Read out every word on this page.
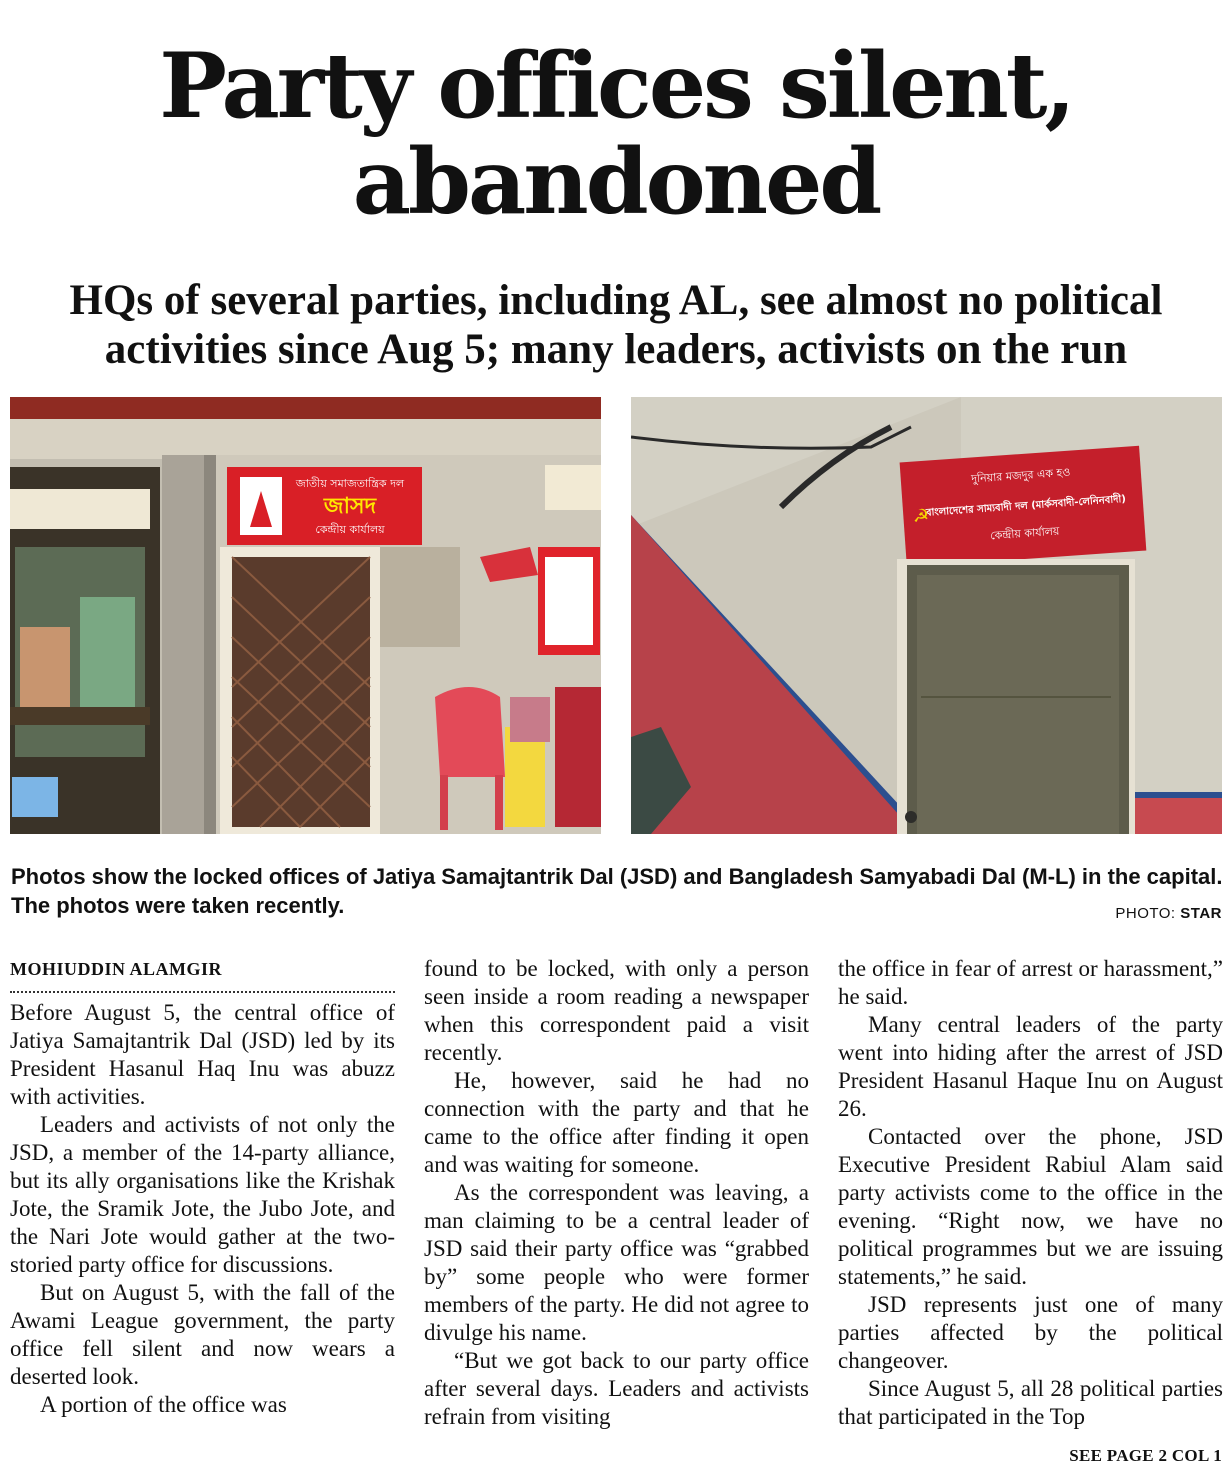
Party offices silent,
abandoned
HQs of several parties, including AL, see almost no political
activities since Aug 5; many leaders, activists on the run
জাতীয় সমাজতান্ত্রিক দল
জাসদ
কেন্দ্রীয় কার্যালয়
দুনিয়ার মজদুর এক হও
বাংলাদেশের সাম্যবাদী দল (মার্কসবাদী-লেনিনবাদী)
কেন্দ্রীয় কার্যালয়
☭
Photos show the locked offices of Jatiya Samajtantrik Dal (JSD) and Bangladesh Samyabadi Dal (M-L) in the capital. The photos were taken recently.	PHOTO: STAR
MOHIUDDIN ALAMGIR

Before August 5, the central office of Jatiya Samajtantrik Dal (JSD) led by its President Hasanul Haq Inu was abuzz with activities.

Leaders and activists of not only the JSD, a member of the 14-party alliance, but its ally organisations like the Krishak Jote, the Sramik Jote, the Jubo Jote, and the Nari Jote would gather at the two-storied party office for discussions.

But on August 5, with the fall of the Awami League government, the party office fell silent and now wears a deserted look.

A portion of the office was

found to be locked, with only a person seen inside a room reading a newspaper when this correspondent paid a visit recently.

He, however, said he had no connection with the party and that he came to the office after finding it open and was waiting for someone.

As the correspondent was leaving, a man claiming to be a central leader of JSD said their party office was “grabbed by” some people who were former members of the party. He did not agree to divulge his name.

“But we got back to our party office after several days. Leaders and activists refrain from visiting

the office in fear of arrest or harassment,” he said.

Many central leaders of the party went into hiding after the arrest of JSD President Hasanul Haque Inu on August 26.

Contacted over the phone, JSD Executive President Rabiul Alam said party activists come to the office in the evening. “Right now, we have no political programmes but we are issuing statements,” he said.

JSD represents just one of many parties affected by the political changeover.

Since August 5, all 28 political parties that participated in the Top

SEE PAGE 2 COL 1
